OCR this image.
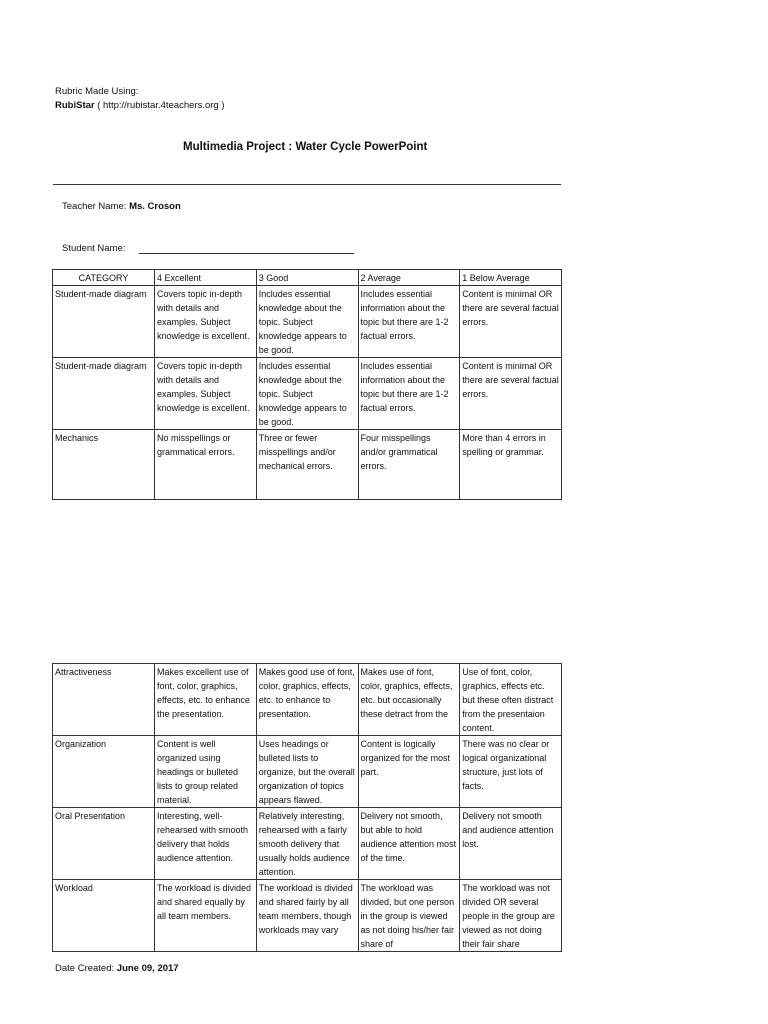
Rubric Made Using:
RubiStar ( http://rubistar.4teachers.org )
Multimedia Project : Water Cycle PowerPoint
Teacher Name: Ms. Croson
Student Name:
CATEGORY	4 Excellent	3 Good	2 Average	1 Below Average
Student-made diagram	Covers topic in-depth with details and examples. Subject knowledge is excellent.	Includes essential knowledge about the topic. Subject knowledge appears to be good.	Includes essential information about the topic but there are 1-2 factual errors.	Content is minimal OR there are several factual errors.
Student-made diagram	Covers topic in-depth with details and examples. Subject knowledge is excellent.	Includes essential knowledge about the topic. Subject knowledge appears to be good.	Includes essential information about the topic but there are 1-2 factual errors.	Content is minimal OR there are several factual errors.
Mechanics	No misspellings or grammatical errors.	Three or fewer misspellings and/or mechanical errors.	Four misspellings and/or grammatical errors.	More than 4 errors in spelling or grammar.
Attractiveness	Makes excellent use of font, color, graphics, effects, etc. to enhance the presentation.	Makes good use of font, color, graphics, effects, etc. to enhance to presentation.	Makes use of font, color, graphics, effects, etc. but occasionally these detract from the	Use of font, color, graphics, effects etc. but these often distract from the presentaion content.
Organization	Content is well organized using headings or bulleted lists to group related material.	Uses headings or bulleted lists to organize, but the overall organization of topics appears flawed.	Content is logically organized for the most part.	There was no clear or logical organizational structure, just lots of facts.
Oral Presentation	Interesting, well-rehearsed with smooth delivery that holds audience attention.	Relatively interesting, rehearsed with a fairly smooth delivery that usually holds audience attention.	Delivery not smooth, but able to hold audience attention most of the time.	Delivery not smooth and audience attention lost.
Workload	The workload is divided and shared equally by all team members.	The workload is divided and shared fairly by all team members, though workloads may vary	The workload was divided, but one person in the group is viewed as not doing his/her fair share of	The workload was not divided OR several people in the group are viewed as not doing their fair share
Date Created: June 09, 2017
